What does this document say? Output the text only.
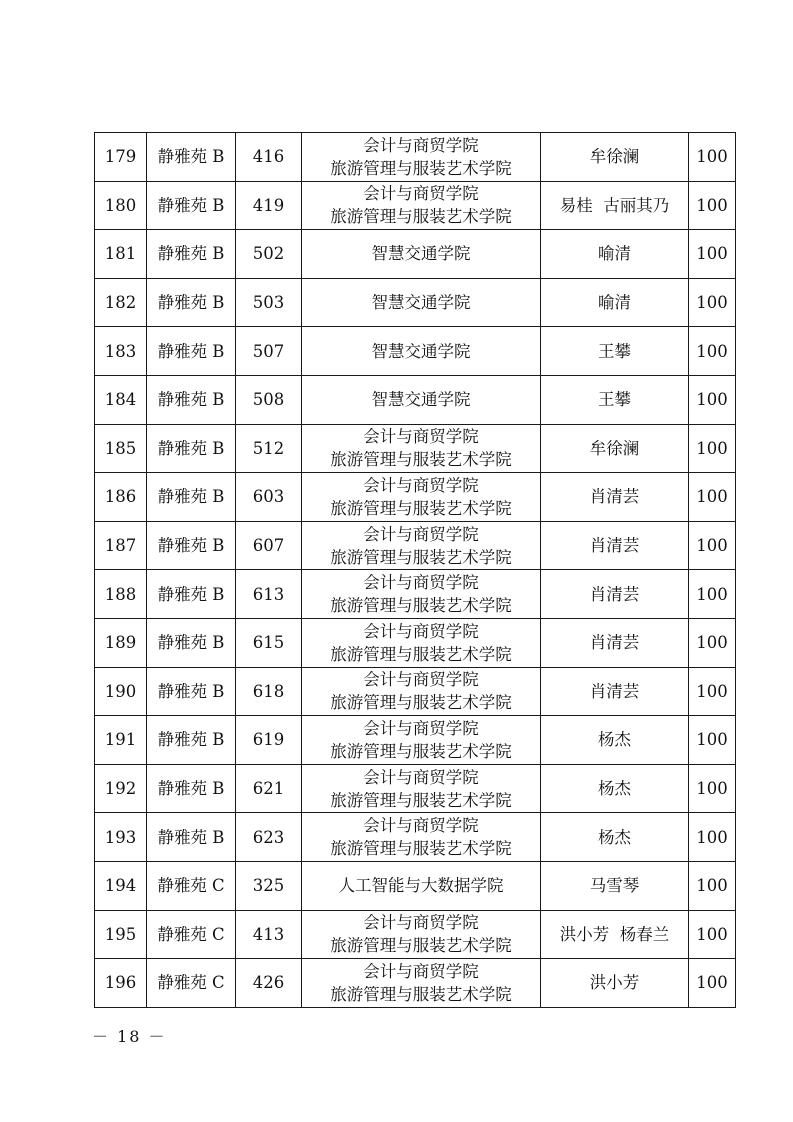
179	静雅苑 B	416	会计与商贸学院
旅游管理与服装艺术学院	牟徐澜	100
180	静雅苑 B	419	会计与商贸学院
旅游管理与服装艺术学院	易桂  古丽其乃	100
181	静雅苑 B	502	智慧交通学院	喻清	100
182	静雅苑 B	503	智慧交通学院	喻清	100
183	静雅苑 B	507	智慧交通学院	王攀	100
184	静雅苑 B	508	智慧交通学院	王攀	100
185	静雅苑 B	512	会计与商贸学院
旅游管理与服装艺术学院	牟徐澜	100
186	静雅苑 B	603	会计与商贸学院
旅游管理与服装艺术学院	肖清芸	100
187	静雅苑 B	607	会计与商贸学院
旅游管理与服装艺术学院	肖清芸	100
188	静雅苑 B	613	会计与商贸学院
旅游管理与服装艺术学院	肖清芸	100
189	静雅苑 B	615	会计与商贸学院
旅游管理与服装艺术学院	肖清芸	100
190	静雅苑 B	618	会计与商贸学院
旅游管理与服装艺术学院	肖清芸	100
191	静雅苑 B	619	会计与商贸学院
旅游管理与服装艺术学院	杨杰	100
192	静雅苑 B	621	会计与商贸学院
旅游管理与服装艺术学院	杨杰	100
193	静雅苑 B	623	会计与商贸学院
旅游管理与服装艺术学院	杨杰	100
194	静雅苑 C	325	人工智能与大数据学院	马雪琴	100
195	静雅苑 C	413	会计与商贸学院
旅游管理与服装艺术学院	洪小芳  杨春兰	100
196	静雅苑 C	426	会计与商贸学院
旅游管理与服装艺术学院	洪小芳	100
－ 18 －
